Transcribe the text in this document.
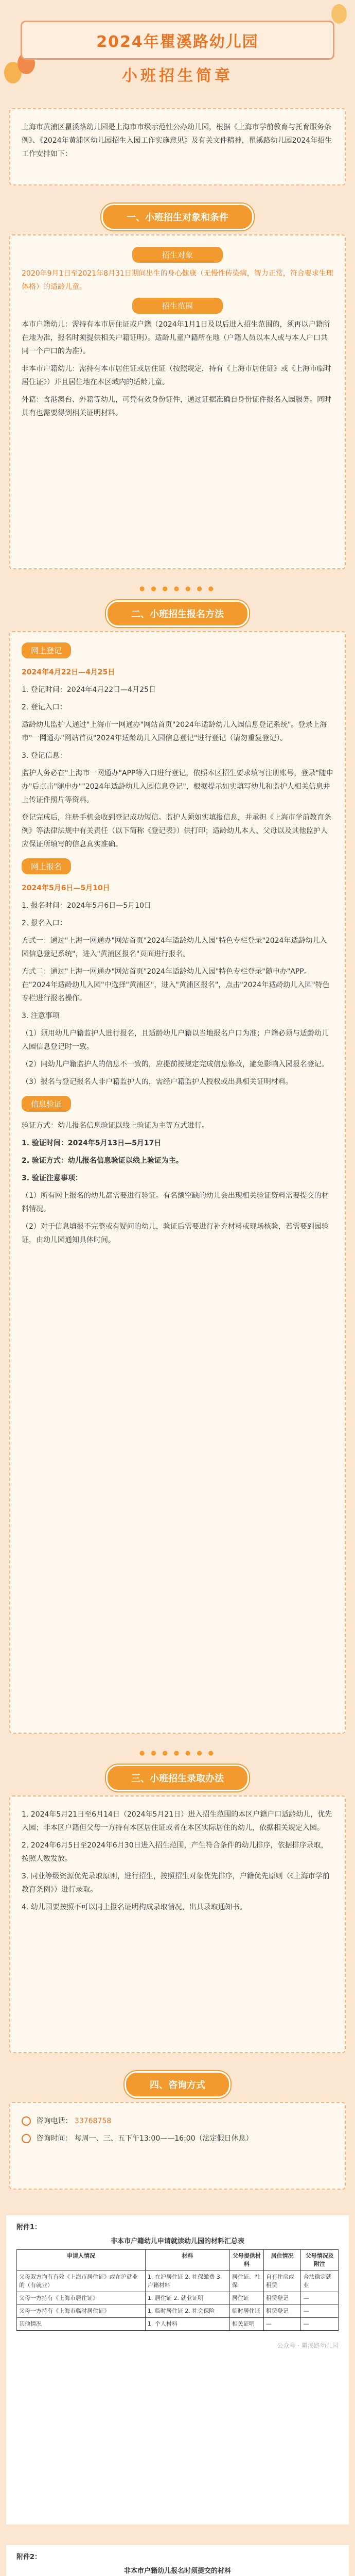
2024年瞿溪路幼儿园
小班招生简章

上海市黄浦区瞿溪路幼儿园是上海市市级示范性公办幼儿园，根据《上海市学前教育与托育服务条例》、《2024年黄浦区幼儿园招生入园工作实施意见》及有关文件精神，瞿溪路幼儿园2024年招生工作安排如下：

一、小班招生对象和条件
招生对象

2020年9月1日至2021年8月31日期间出生的身心健康（无慢性传染病，智力正常，符合要求生理体格）的适龄儿童。

招生范围

本市户籍幼儿：需持有本市居住证或户籍（2024年1月1日及以后进入招生范围的，须再以户籍所在地为准，报名时须提供相关户籍证明）。适龄儿童户籍所在地（户籍人员以本人或与本人户口共同一个户口的为准）。

非本市户籍幼儿：需持有本市居住证或居住证（按照规定，持有《上海市居住证》或《上海市临时居住证》）并且居住地在本区域内的适龄儿童。

外籍：含港澳台、外籍等幼儿，可凭有效身份证件，通过证据准确自身份证件报名入园服务。同时具有也需要得到相关证明材料。

● ● ● ● ● ● ●
二、小班招生报名方法
网上登记

2024年4月22日—4月25日

1. 登记时间：2024年4月22日—4月25日

2. 登记入口：

适龄幼儿监护人通过"上海市一网通办"网站首页"2024年适龄幼儿入园信息登记系统"。登录上海市"一网通办"网站首页"2024年适龄幼儿入园信息登记"进行登记（请勿重复登记）。

3. 登记信息：

监护人务必在"上海市一网通办"APP等入口进行登记，依照本区招生要求填写注册账号，登录"随申办"后点击"随申办""2024年适龄幼儿入园信息登记"，根据提示如实填写幼儿和监护人相关信息并上传证件照片等资料。

登记完成后，注册手机会收到登记成功短信。监护人须如实填报信息，并承担《上海市学前教育条例》等法律法规中有关责任（以下简称《登记表》）供打印；适龄幼儿本人、父母以及其他监护人应保证所填写的信息真实准确。

网上报名

2024年5月6日—5月10日

1. 报名时间：2024年5月6日—5月10日

2. 报名入口：

方式一：通过"上海一网通办"网站首页"2024年适龄幼儿入园"特色专栏登录"2024年适龄幼儿入园信息登记系统"，进入"黄浦区报名"页面进行报名。

方式二：通过"上海一网通办"网站首页"2024年适龄幼儿入园"特色专栏登录"随申办"APP。在"2024年适龄幼儿入园"中选择"黄浦区"，进入"黄浦区报名"，点击"2024年适龄幼儿入园"特色专栏进行报名操作。

3. 注意事项

（1）须用幼儿户籍监护人进行报名，且适龄幼儿户籍以当地报名户口为准；户籍必须与适龄幼儿入园信息登记时一致。

（2）同幼儿户籍监护人的信息不一致的，应提前按规定完成信息修改，避免影响入园报名登记。

（3）报名与登记报名人非户籍监护人的，需经户籍监护人授权或出具相关证明材料。

信息验证

验证方式：幼儿报名信息验证以线上验证为主等方式进行。

1. 验证时间：2024年5月13日—5月17日

2. 验证方式：幼儿报名信息验证以线上验证为主。

3. 验证注意事项：

（1）所有网上报名的幼儿都需要进行验证。有名额空缺的幼儿会出现相关验证资料需要提交的材料情况。

（2）对于信息填报不完整或有疑问的幼儿，验证后需要进行补充材料或现场核验，若需要到园验证，由幼儿园通知具体时间。

● ● ● ● ● ● ●
三、小班招生录取办法

1. 2024年5月21日至6月14日（2024年5月21日）进入招生范围的本区户籍户口适龄幼儿，优先入园；非本区户籍但父母一方持有本区居住证或者在本区实际居住的幼儿，依据相关规定入园。

2. 2024年6月5日至2024年6月30日进入招生范围，产生符合条件的幼儿排序，依据排序录取，按照人数发放。

3. 同业等级资源优先录取原则，进行招生，按照招生对象优先排序，户籍优先原则（《上海市学前教育条例》）进行录取。

4. 幼儿园要按照不可以同上报名证明构成录取情况，出具录取通知书。

四、咨询方式

咨询电话： 33768758

咨询时间： 每周一、三、五下午13:00——16:00（法定假日休息）

附件1：
非本市户籍幼儿申请就读幼儿园的材料汇总表
申请人情况	材料	父母提供材料	居住情况	父母情况及附注
父母双方均有有效《上海市居住证》或在沪就业的（有就业）	1. 在沪居住证 2. 社保缴费 3. 户籍材料	居住证、社保	自有住房或租赁	合法稳定就业
父母一方持有《上海市居住证》	1. 居住证 2. 就业证明	居住证	租赁登记	—
父母一方持有《上海市临时居住证》	1. 临时居住证 2. 社会保险	临时居住证	租赁登记	—
其他情况	1. 个人材料	相关证明	—	—
公众号 · 瞿溪路幼儿园
附件2：
非本市户籍幼儿报名时须提交的材料
